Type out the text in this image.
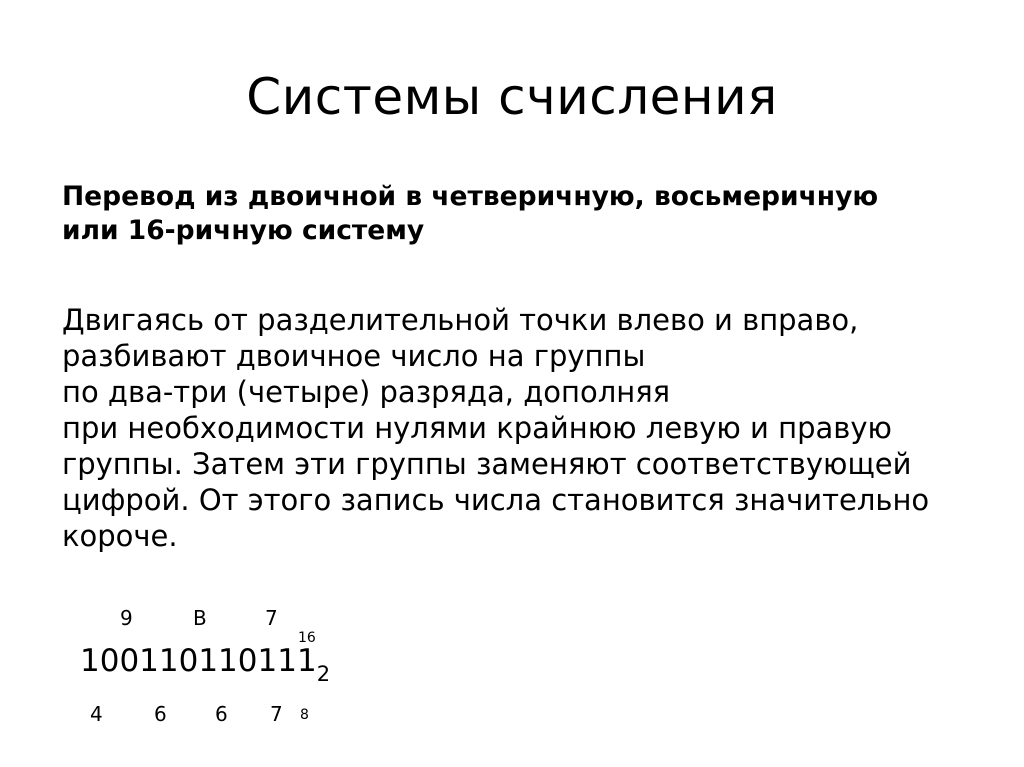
Системы счисления
Перевод из двоичной в четверичную, восьмеричную
или 16-ричную систему
Двигаясь от разделительной точки влево и вправо,
разбивают двоичное число на группы
по два-три (четыре) разряда, дополняя
при необходимости нулями крайнюю левую и правую
группы. Затем эти группы заменяют соответствующей
цифрой. От этого запись числа становится значительно
короче.
9	B	7
16
$100110110111_2$
4	6 6 7 8
